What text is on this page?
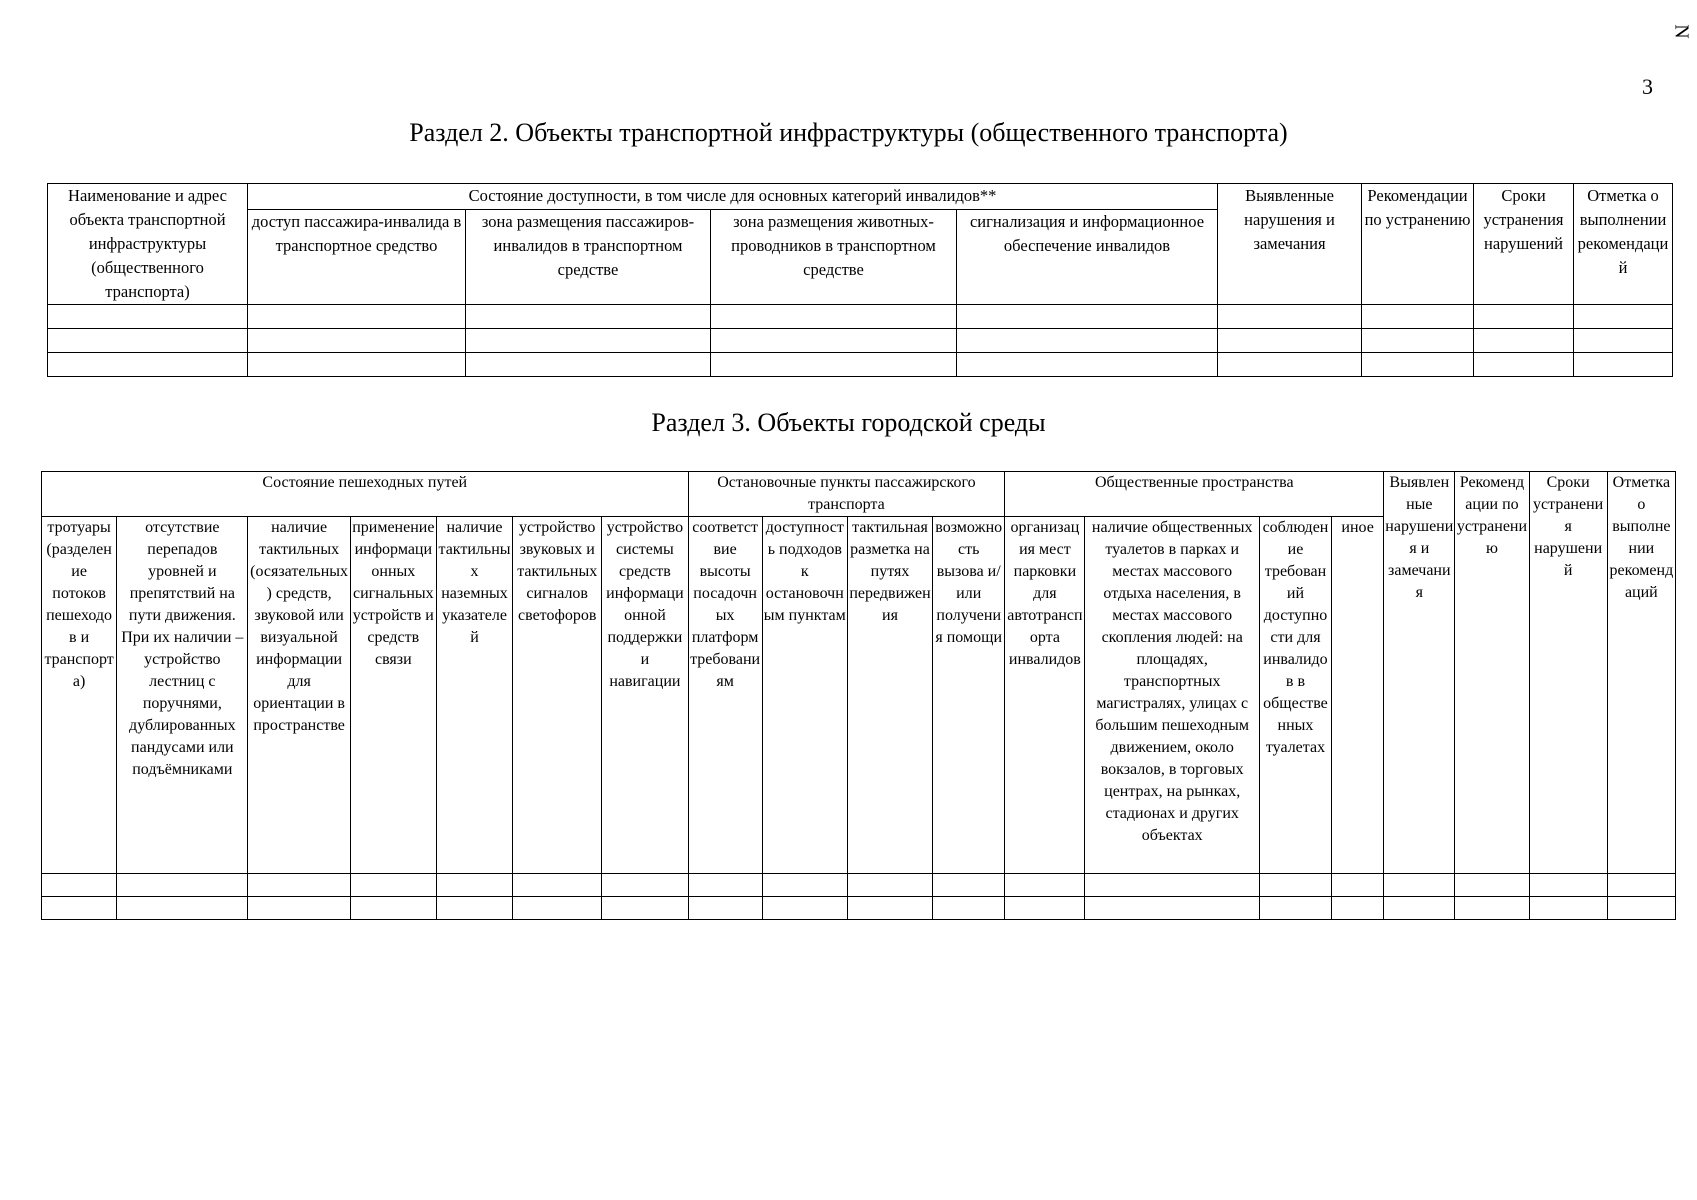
N
3
Раздел 2. Объекты транспортной инфраструктуры (общественного транспорта)
Наименование и адрес объекта транспортной инфраструктуры (общественного транспорта)	Состояние доступности, в том числе для основных категорий инвалидов**				Выявленные нарушения и замечания	Рекомендации по устранению	Сроки устранения нарушений	Отметка о выполнении рекомендаций
	доступ пассажира-инвалида в транспортное средство	зона размещения пассажиров-инвалидов в транспортном средстве	зона размещения животных-проводников в транспортном средстве	сигнализация и информационное обеспечение инвалидов				

Раздел 3. Объекты городской среды
Состояние пешеходных путей							Остановочные пункты пассажирского транспорта				Общественные пространства				Выявленные нарушения и замечания	Рекомендации по устранению	Сроки устранения нарушений	Отметка о выполнении рекомендаций
тротуары (разделение потоков пешеходов и транспорта)	отсутствие перепадов уровней и препятствий на пути движения. При их наличии – устройство лестниц с поручнями, дублированных пандусами или подъёмниками	наличие тактильных (осязательных) средств, звуковой или визуальной информации для ориентации в пространстве	применение информационных сигнальных устройств и средств связи	наличие тактильных наземных указателей	устройство звуковых и тактильных сигналов светофоров	устройство системы средств информационной поддержки и навигации	соответствие высоты посадочных платформ требованиям	доступность подходов к остановочным пунктам	тактильная разметка на путях передвижения	возможность вызова и/или получения помощи	организация мест парковки для автотранспорта инвалидов	наличие общественных туалетов в парках и местах массового отдыха населения, в местах массового скопления людей: на площадях, транспортных магистралях, улицах с большим пешеходным движением, около вокзалов, в торговых центрах, на рынках, стадионах и других объектах	соблюдение требований доступности для инвалидов в общественных туалетах	иное				
